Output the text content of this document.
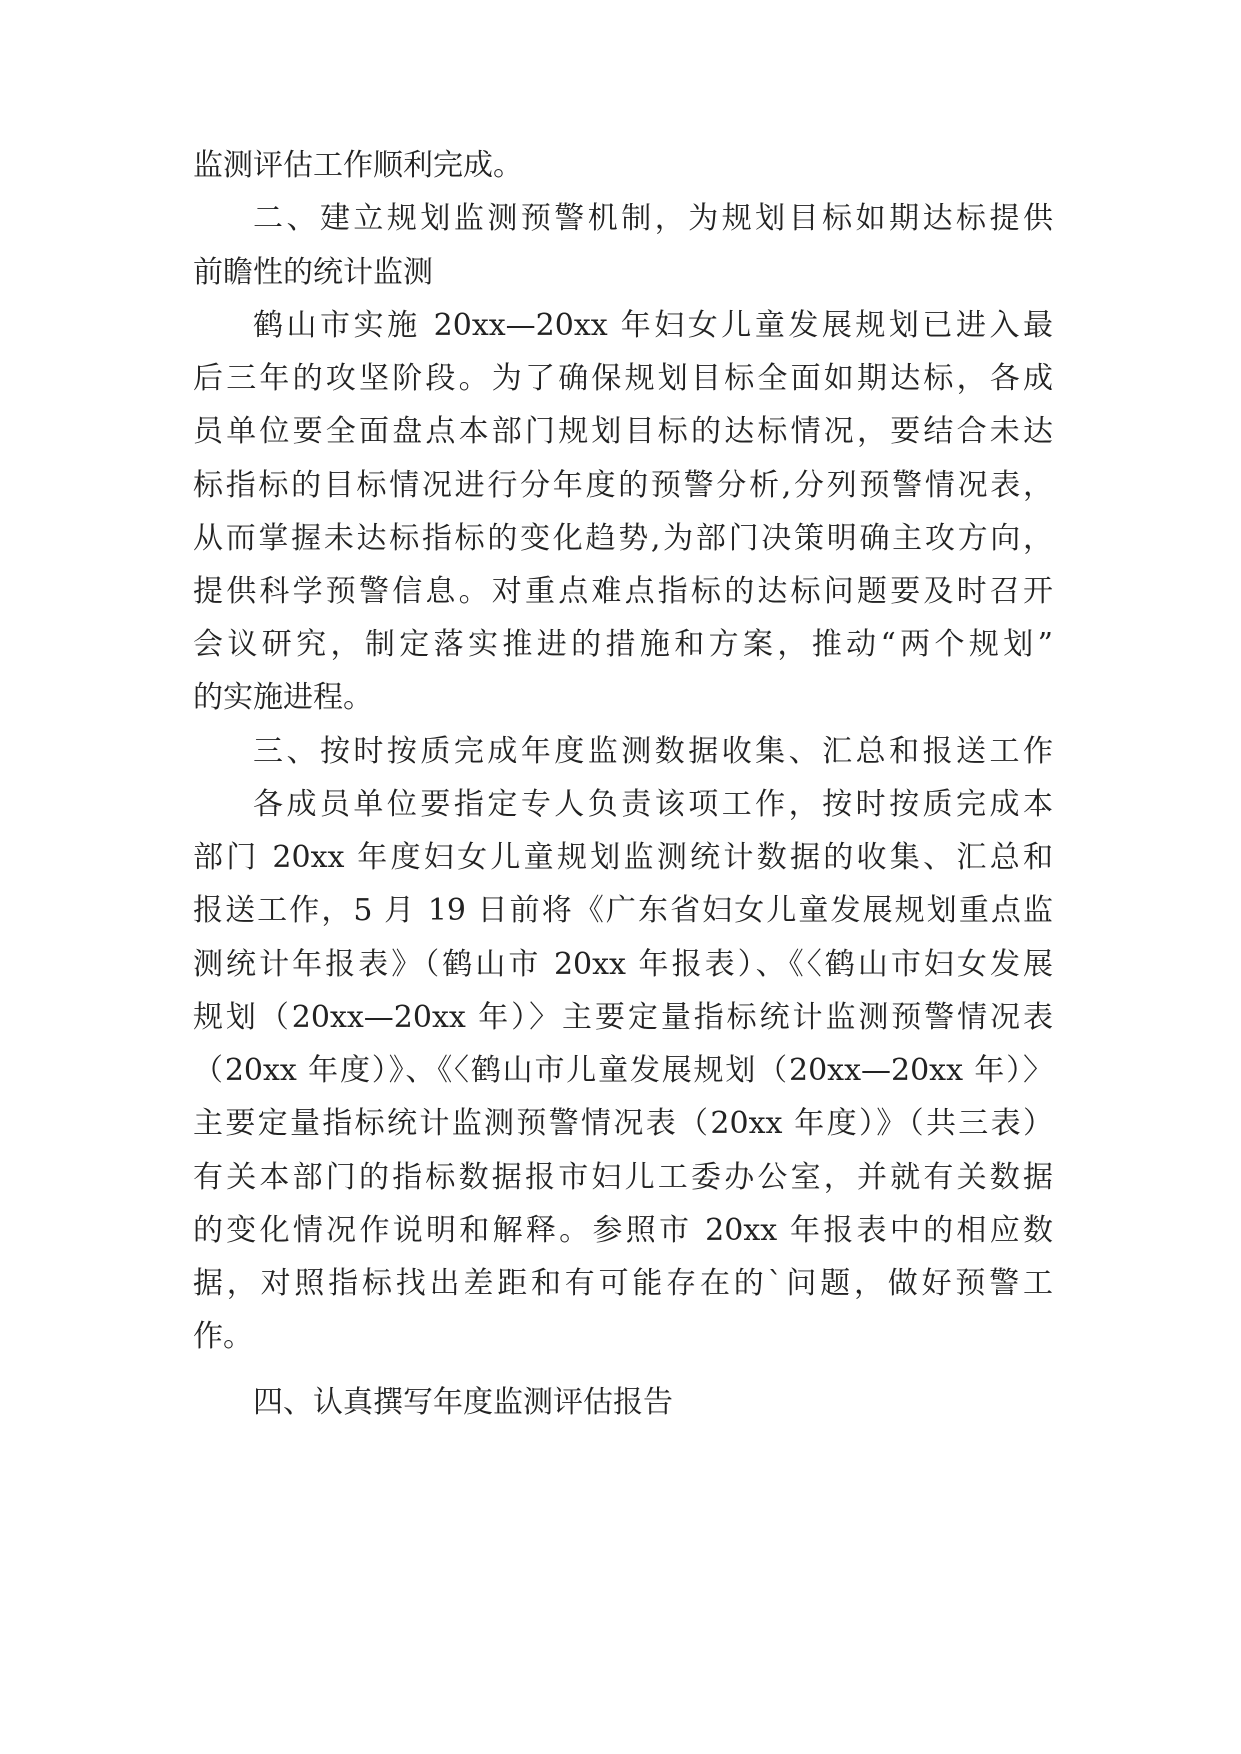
监测评估工作顺利完成。
二、建立规划监测预警机制，为规划目标如期达标提供
前瞻性的统计监测
鹤山市实施 20xx—20xx 年妇女儿童发展规划已进入最
后三年的攻坚阶段。为了确保规划目标全面如期达标，各成
员单位要全面盘点本部门规划目标的达标情况，要结合未达
标指标的目标情况进行分年度的预警分析,分列预警情况表，
从而掌握未达标指标的变化趋势,为部门决策明确主攻方向，
提供科学预警信息。对重点难点指标的达标问题要及时召开
会议研究，制定落实推进的措施和方案，推动“两个规划”
的实施进程。
三、按时按质完成年度监测数据收集、汇总和报送工作
各成员单位要指定专人负责该项工作，按时按质完成本
部门 20xx 年度妇女儿童规划监测统计数据的收集、汇总和
报送工作，5 月 19 日前将《广东省妇女儿童发展规划重点监
测统计年报表》（鹤山市 20xx 年报表）、《〈鹤山市妇女发展
规划（20xx—20xx 年）〉主要定量指标统计监测预警情况表
（20xx 年度）》、《〈鹤山市儿童发展规划（20xx—20xx 年）〉
主要定量指标统计监测预警情况表（20xx 年度）》（共三表）
有关本部门的指标数据报市妇儿工委办公室，并就有关数据
的变化情况作说明和解释。参照市 20xx 年报表中的相应数
据，对照指标找出差距和有可能存在的`问题，做好预警工
作。
四、认真撰写年度监测评估报告
